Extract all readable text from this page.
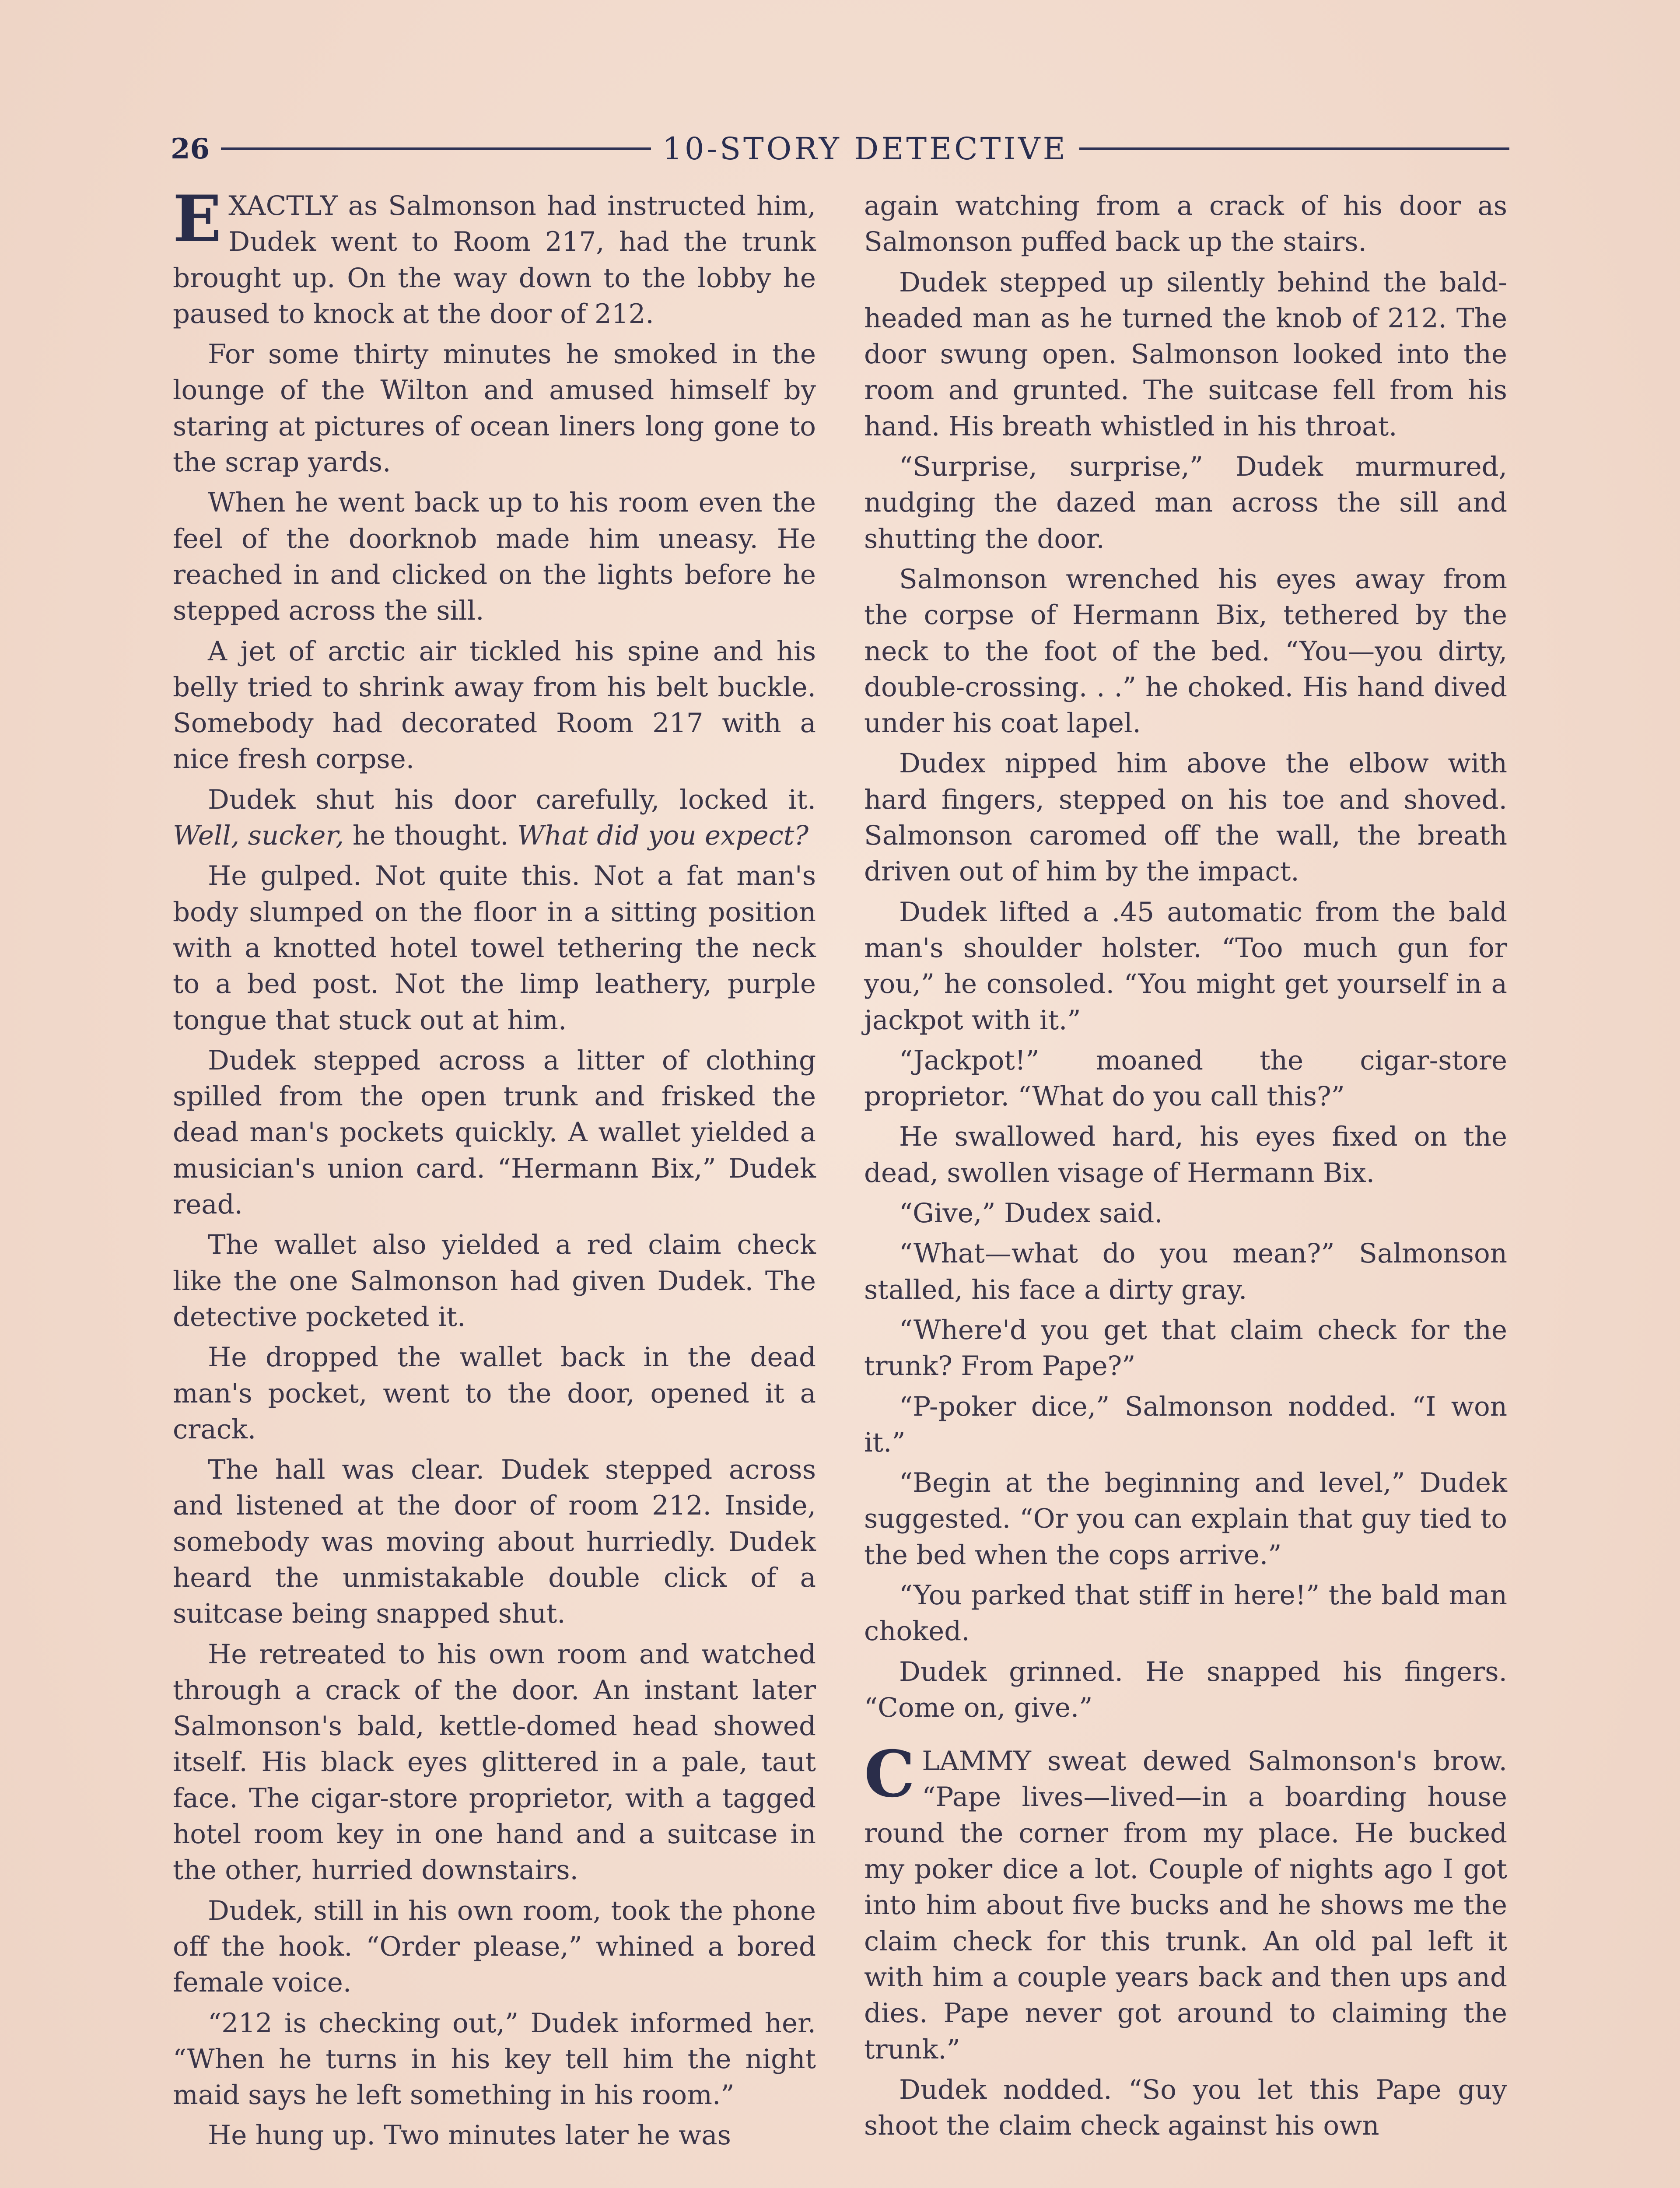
26	10-STORY DETECTIVE

EXACTLY as Salmonson had instructed him, Dudek went to Room 217, had the trunk brought up. On the way down to the lobby he paused to knock at the door of 212.

For some thirty minutes he smoked in the lounge of the Wilton and amused himself by staring at pictures of ocean liners long gone to the scrap yards.

When he went back up to his room even the feel of the doorknob made him uneasy. He reached in and clicked on the lights before he stepped across the sill.

A jet of arctic air tickled his spine and his belly tried to shrink away from his belt buckle. Somebody had decorated Room 217 with a nice fresh corpse.

Dudek shut his door carefully, locked it. Well, sucker, he thought. What did you expect?

He gulped. Not quite this. Not a fat man's body slumped on the floor in a sitting position with a knotted hotel towel tethering the neck to a bed post. Not the limp leathery, purple tongue that stuck out at him.

Dudek stepped across a litter of clothing spilled from the open trunk and frisked the dead man's pockets quickly. A wallet yielded a musician's union card. “Hermann Bix,” Dudek read.

The wallet also yielded a red claim check like the one Salmonson had given Dudek. The detective pocketed it.

He dropped the wallet back in the dead man's pocket, went to the door, opened it a crack.

The hall was clear. Dudek stepped across and listened at the door of room 212. Inside, somebody was moving about hurriedly. Dudek heard the unmistakable double click of a suitcase being snapped shut.

He retreated to his own room and watched through a crack of the door. An instant later Salmonson's bald, kettle-domed head showed itself. His black eyes glittered in a pale, taut face. The cigar-store proprietor, with a tagged hotel room key in one hand and a suitcase in the other, hurried downstairs.

Dudek, still in his own room, took the phone off the hook. “Order please,” whined a bored female voice.

“212 is checking out,” Dudek informed her. “When he turns in his key tell him the night maid says he left something in his room.”

He hung up. Two minutes later he was

again watching from a crack of his door as Salmonson puffed back up the stairs.

Dudek stepped up silently behind the bald-headed man as he turned the knob of 212. The door swung open. Salmonson looked into the room and grunted. The suitcase fell from his hand. His breath whistled in his throat.

“Surprise, surprise,” Dudek murmured, nudging the dazed man across the sill and shutting the door.

Salmonson wrenched his eyes away from the corpse of Hermann Bix, tethered by the neck to the foot of the bed. “You—you dirty, double-crossing. . .” he choked. His hand dived under his coat lapel.

Dudex nipped him above the elbow with hard fingers, stepped on his toe and shoved. Salmonson caromed off the wall, the breath driven out of him by the impact.

Dudek lifted a .45 automatic from the bald man's shoulder holster. “Too much gun for you,” he consoled. “You might get yourself in a jackpot with it.”

“Jackpot!” moaned the cigar-store proprietor. “What do you call this?”

He swallowed hard, his eyes fixed on the dead, swollen visage of Hermann Bix.

“Give,” Dudex said.

“What—what do you mean?” Salmonson stalled, his face a dirty gray.

“Where'd you get that claim check for the trunk? From Pape?”

“P-poker dice,” Salmonson nodded. “I won it.”

“Begin at the beginning and level,” Dudek suggested. “Or you can explain that guy tied to the bed when the cops arrive.”

“You parked that stiff in here!” the bald man choked.

Dudek grinned. He snapped his fingers. “Come on, give.”

CLAMMY sweat dewed Salmonson's brow. “Pape lives—lived—in a boarding house round the corner from my place. He bucked my poker dice a lot. Couple of nights ago I got into him about five bucks and he shows me the claim check for this trunk. An old pal left it with him a couple years back and then ups and dies. Pape never got around to claiming the trunk.”

Dudek nodded. “So you let this Pape guy shoot the claim check against his own
